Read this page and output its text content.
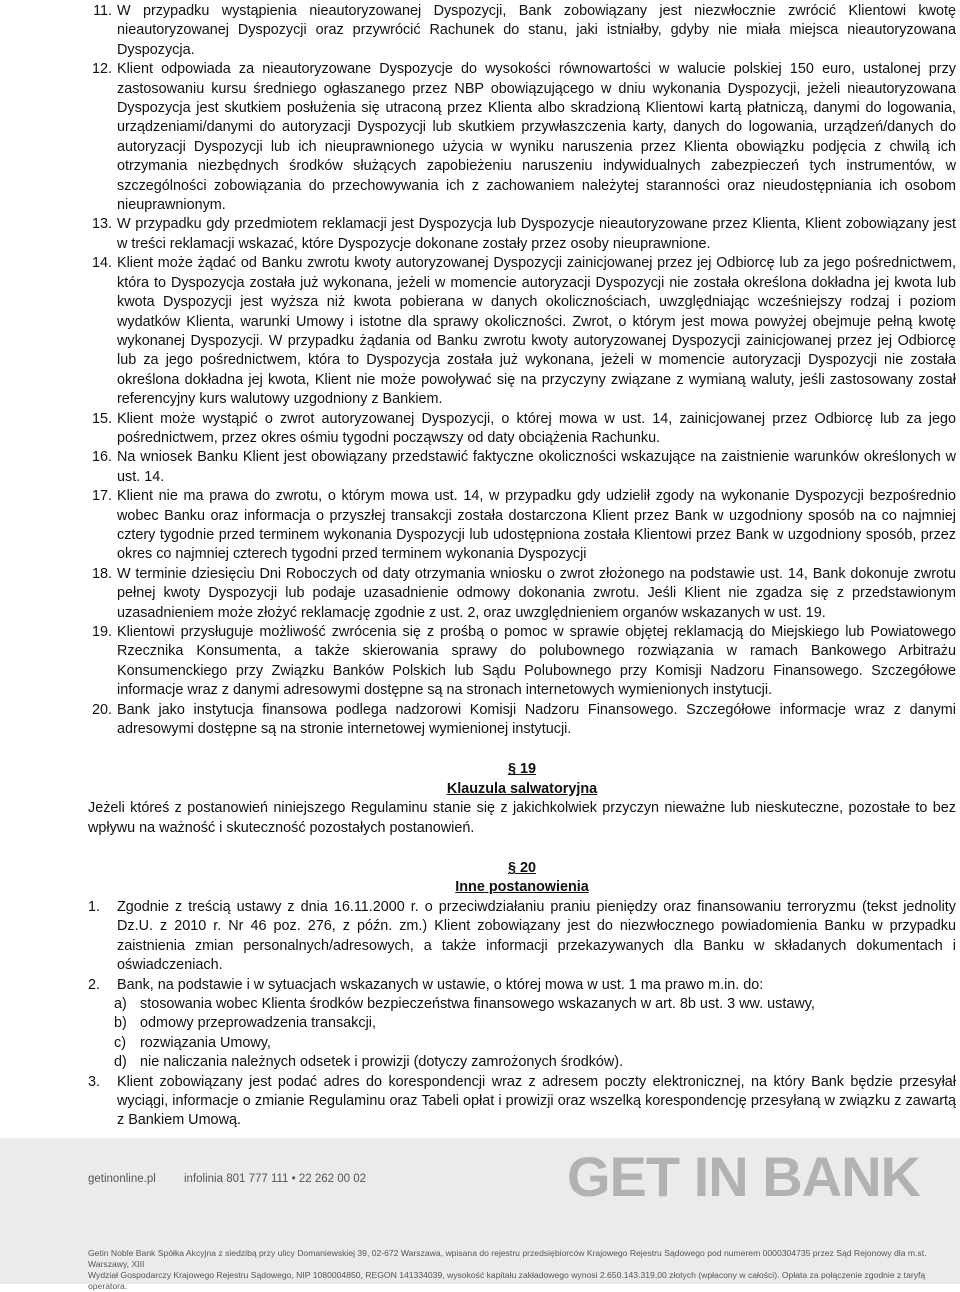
11. W przypadku wystąpienia nieautoryzowanej Dyspozycji, Bank zobowiązany jest niezwłocznie zwrócić Klientowi kwotę nieautoryzowanej Dyspozycji oraz przywrócić Rachunek do stanu, jaki istniałby, gdyby nie miała miejsca nieautoryzowana Dyspozycja.

12. Klient odpowiada za nieautoryzowane Dyspozycje do wysokości równowartości w walucie polskiej 150 euro, ustalonej przy zastosowaniu kursu średniego ogłaszanego przez NBP obowiązującego w dniu wykonania Dyspozycji, jeżeli nieautoryzowana Dyspozycja jest skutkiem posłużenia się utraconą przez Klienta albo skradzioną Klientowi kartą płatniczą, danymi do logowania, urządzeniami/danymi do autoryzacji Dyspozycji lub skutkiem przywłaszczenia karty, danych do logowania, urządzeń/danych do autoryzacji Dyspozycji lub ich nieuprawnionego użycia w wyniku naruszenia przez Klienta obowiązku podjęcia z chwilą ich otrzymania niezbędnych środków służących zapobieżeniu naruszeniu indywidualnych zabezpieczeń tych instrumentów, w szczególności zobowiązania do przechowywania ich z zachowaniem należytej staranności oraz nieudostępniania ich osobom nieuprawnionym.

13. W przypadku gdy przedmiotem reklamacji jest Dyspozycja lub Dyspozycje nieautoryzowane przez Klienta, Klient zobowiązany jest w treści reklamacji wskazać, które Dyspozycje dokonane zostały przez osoby nieuprawnione.

14. Klient może żądać od Banku zwrotu kwoty autoryzowanej Dyspozycji zainicjowanej przez jej Odbiorcę lub za jego pośrednictwem, która to Dyspozycja została już wykonana, jeżeli w momencie autoryzacji Dyspozycji nie została określona dokładna jej kwota lub kwota Dyspozycji jest wyższa niż kwota pobierana w danych okolicznościach, uwzględniając wcześniejszy rodzaj i poziom wydatków Klienta, warunki Umowy i istotne dla sprawy okoliczności. Zwrot, o którym jest mowa powyżej obejmuje pełną kwotę wykonanej Dyspozycji. W przypadku żądania od Banku zwrotu kwoty autoryzowanej Dyspozycji zainicjowanej przez jej Odbiorcę lub za jego pośrednictwem, która to Dyspozycja została już wykonana, jeżeli w momencie autoryzacji Dyspozycji nie została określona dokładna jej kwota, Klient nie może powoływać się na przyczyny związane z wymianą waluty, jeśli zastosowany został referencyjny kurs walutowy uzgodniony z Bankiem.

15. Klient może wystąpić o zwrot autoryzowanej Dyspozycji, o której mowa w ust. 14, zainicjowanej przez Odbiorcę lub za jego pośrednictwem, przez okres ośmiu tygodni począwszy od daty obciążenia Rachunku.

16. Na wniosek Banku Klient jest obowiązany przedstawić faktyczne okoliczności wskazujące na zaistnienie warunków określonych w ust. 14.

17. Klient nie ma prawa do zwrotu, o którym mowa ust. 14, w przypadku gdy udzielił zgody na wykonanie Dyspozycji bezpośrednio wobec Banku oraz informacja o przyszłej transakcji została dostarczona Klient przez Bank w uzgodniony sposób na co najmniej cztery tygodnie przed terminem wykonania Dyspozycji lub udostępniona została Klientowi przez Bank w uzgodniony sposób, przez okres co najmniej czterech tygodni przed terminem wykonania Dyspozycji

18. W terminie dziesięciu Dni Roboczych od daty otrzymania wniosku o zwrot złożonego na podstawie ust. 14, Bank dokonuje zwrotu pełnej kwoty Dyspozycji lub podaje uzasadnienie odmowy dokonania zwrotu. Jeśli Klient nie zgadza się z przedstawionym uzasadnieniem może złożyć reklamację zgodnie z ust. 2, oraz uwzględnieniem organów wskazanych w ust. 19.

19. Klientowi przysługuje możliwość zwrócenia się z prośbą o pomoc w sprawie objętej reklamacją do Miejskiego lub Powiatowego Rzecznika Konsumenta, a także skierowania sprawy do polubownego rozwiązania w ramach Bankowego Arbitrażu Konsumenckiego przy Związku Banków Polskich lub Sądu Polubownego przy Komisji Nadzoru Finansowego. Szczegółowe informacje wraz z danymi adresowymi dostępne są na stronach internetowych wymienionych instytucji.

20. Bank jako instytucja finansowa podlega nadzorowi Komisji Nadzoru Finansowego. Szczegółowe informacje wraz z danymi adresowymi dostępne są na stronie internetowej wymienionej instytucji.

§ 19
Klauzula salwatoryjna

Jeżeli któreś z postanowień niniejszego Regulaminu stanie się z jakichkolwiek przyczyn nieważne lub nieskuteczne, pozostałe to bez wpływu na ważność i skuteczność pozostałych postanowień.

§ 20
Inne postanowienia
1. Zgodnie z treścią ustawy z dnia 16.11.2000 r. o przeciwdziałaniu praniu pieniędzy oraz finansowaniu terroryzmu (tekst jednolity Dz.U. z 2010 r. Nr 46 poz. 276, z późn. zm.) Klient zobowiązany jest do niezwłocznego powiadomienia Banku w przypadku zaistnienia zmian personalnych/adresowych, a także informacji przekazywanych dla Banku w składanych dokumentach i oświadczeniach.

2. Bank, na podstawie i w sytuacjach wskazanych w ustawie, o której mowa w ust. 1 ma prawo m.in. do:

a) stosowania wobec Klienta środków bezpieczeństwa finansowego wskazanych w art. 8b ust. 3 ww. ustawy,

b) odmowy przeprowadzenia transakcji,

c) rozwiązania Umowy,

d) nie naliczania należnych odsetek i prowizji (dotyczy zamrożonych środków).

3. Klient zobowiązany jest podać adres do korespondencji wraz z adresem poczty elektronicznej, na który Bank będzie przesyłał wyciągi, informacje o zmianie Regulaminu oraz Tabeli opłat i prowizji oraz wszelką korespondencję przesyłaną w związku z zawartą z Bankiem Umową.

getinonline.pl infolinia 801 777 111 • 22 262 00 02	GET IN BANK
Getin Noble Bank Spółka Akcyjna z siedzibą przy ulicy Domaniewskiej 39, 02-672 Warszawa, wpisana do rejestru przedsiębiorców Krajowego Rejestru Sądowego pod numerem 0000304735 przez Sąd Rejonowy dla m.st. Warszawy, XIII
Wydział Gospodarczy Krajowego Rejestru Sądowego, NIP 1080004850, REGON 141334039, wysokość kapitału zakładowego wynosi 2.650.143.319,00 złotych (wpłacony w całości). Opłata za połączenie zgodnie z taryfą operatora.
